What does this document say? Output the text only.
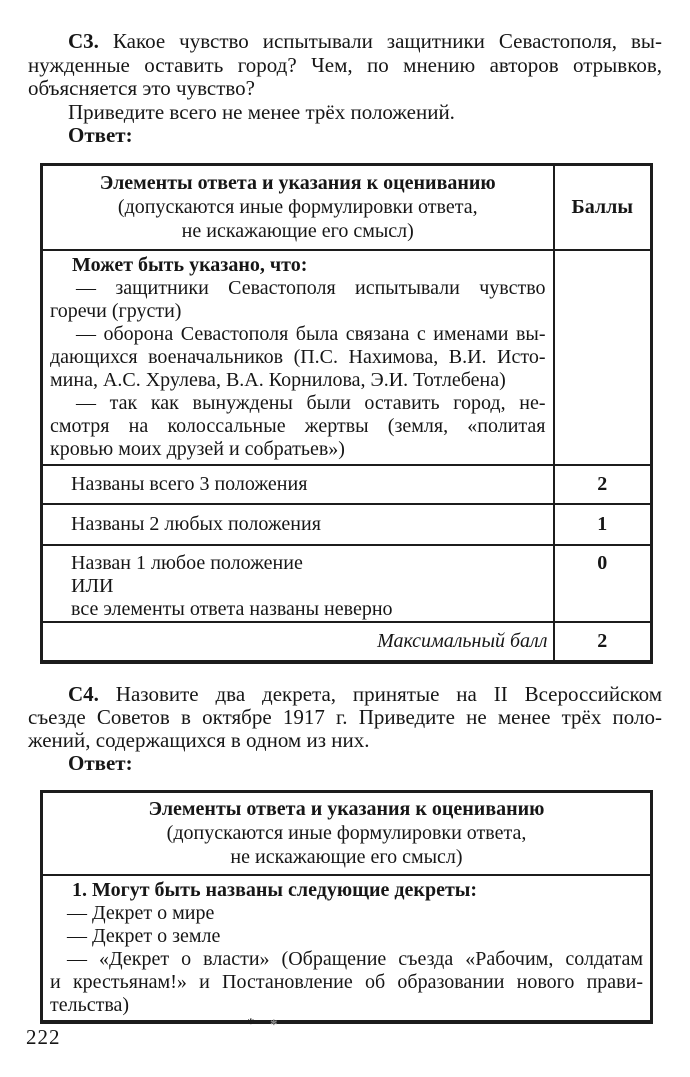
С3. Какое чувство испытывали защитники Севастополя, вы-
нужденные оставить город? Чем, по мнению авторов отрывков,
объясняется это чувство?
Приведите всего не менее трёх положений.
Ответ:
Элементы ответа и указания к оцениванию
(допускаются иные формулировки ответа,
не искажающие его смысл)	Баллы

Может быть указано, что:
— защитники Севастополя испытывали чувство
горечи (грусти)
— оборона Севастополя была связана с именами вы-
дающихся военачальников (П.С. Нахимова, В.И. Исто-
мина, А.С. Хрулева, В.А. Корнилова, Э.И. Тотлебена)
— так как вынуждены были оставить город, не-
смотря на колоссальные жертвы (земля, «политая
кровью моих друзей и собратьев»)

Названы всего 3 положения	2
Названы 2 любых положения	1

Назван 1 любое положение
ИЛИ
все элементы ответа названы неверно	0
Максимальный балл	2
С4. Назовите два декрета, принятые на II Всероссийском
съезде Советов в октябре 1917 г. Приведите не менее трёх поло-
жений, содержащихся в одном из них.
Ответ:
Элементы ответа и указания к оцениванию
(допускаются иные формулировки ответа,
не искажающие его смысл)

1. Могут быть названы следующие декреты:
— Декрет о мире
— Декрет о земле
— «Декрет о власти» (Обращение съезда «Рабочим, солдатам
и крестьянам!» и Постановление об образовании нового прави-
тельства)
* *
222
